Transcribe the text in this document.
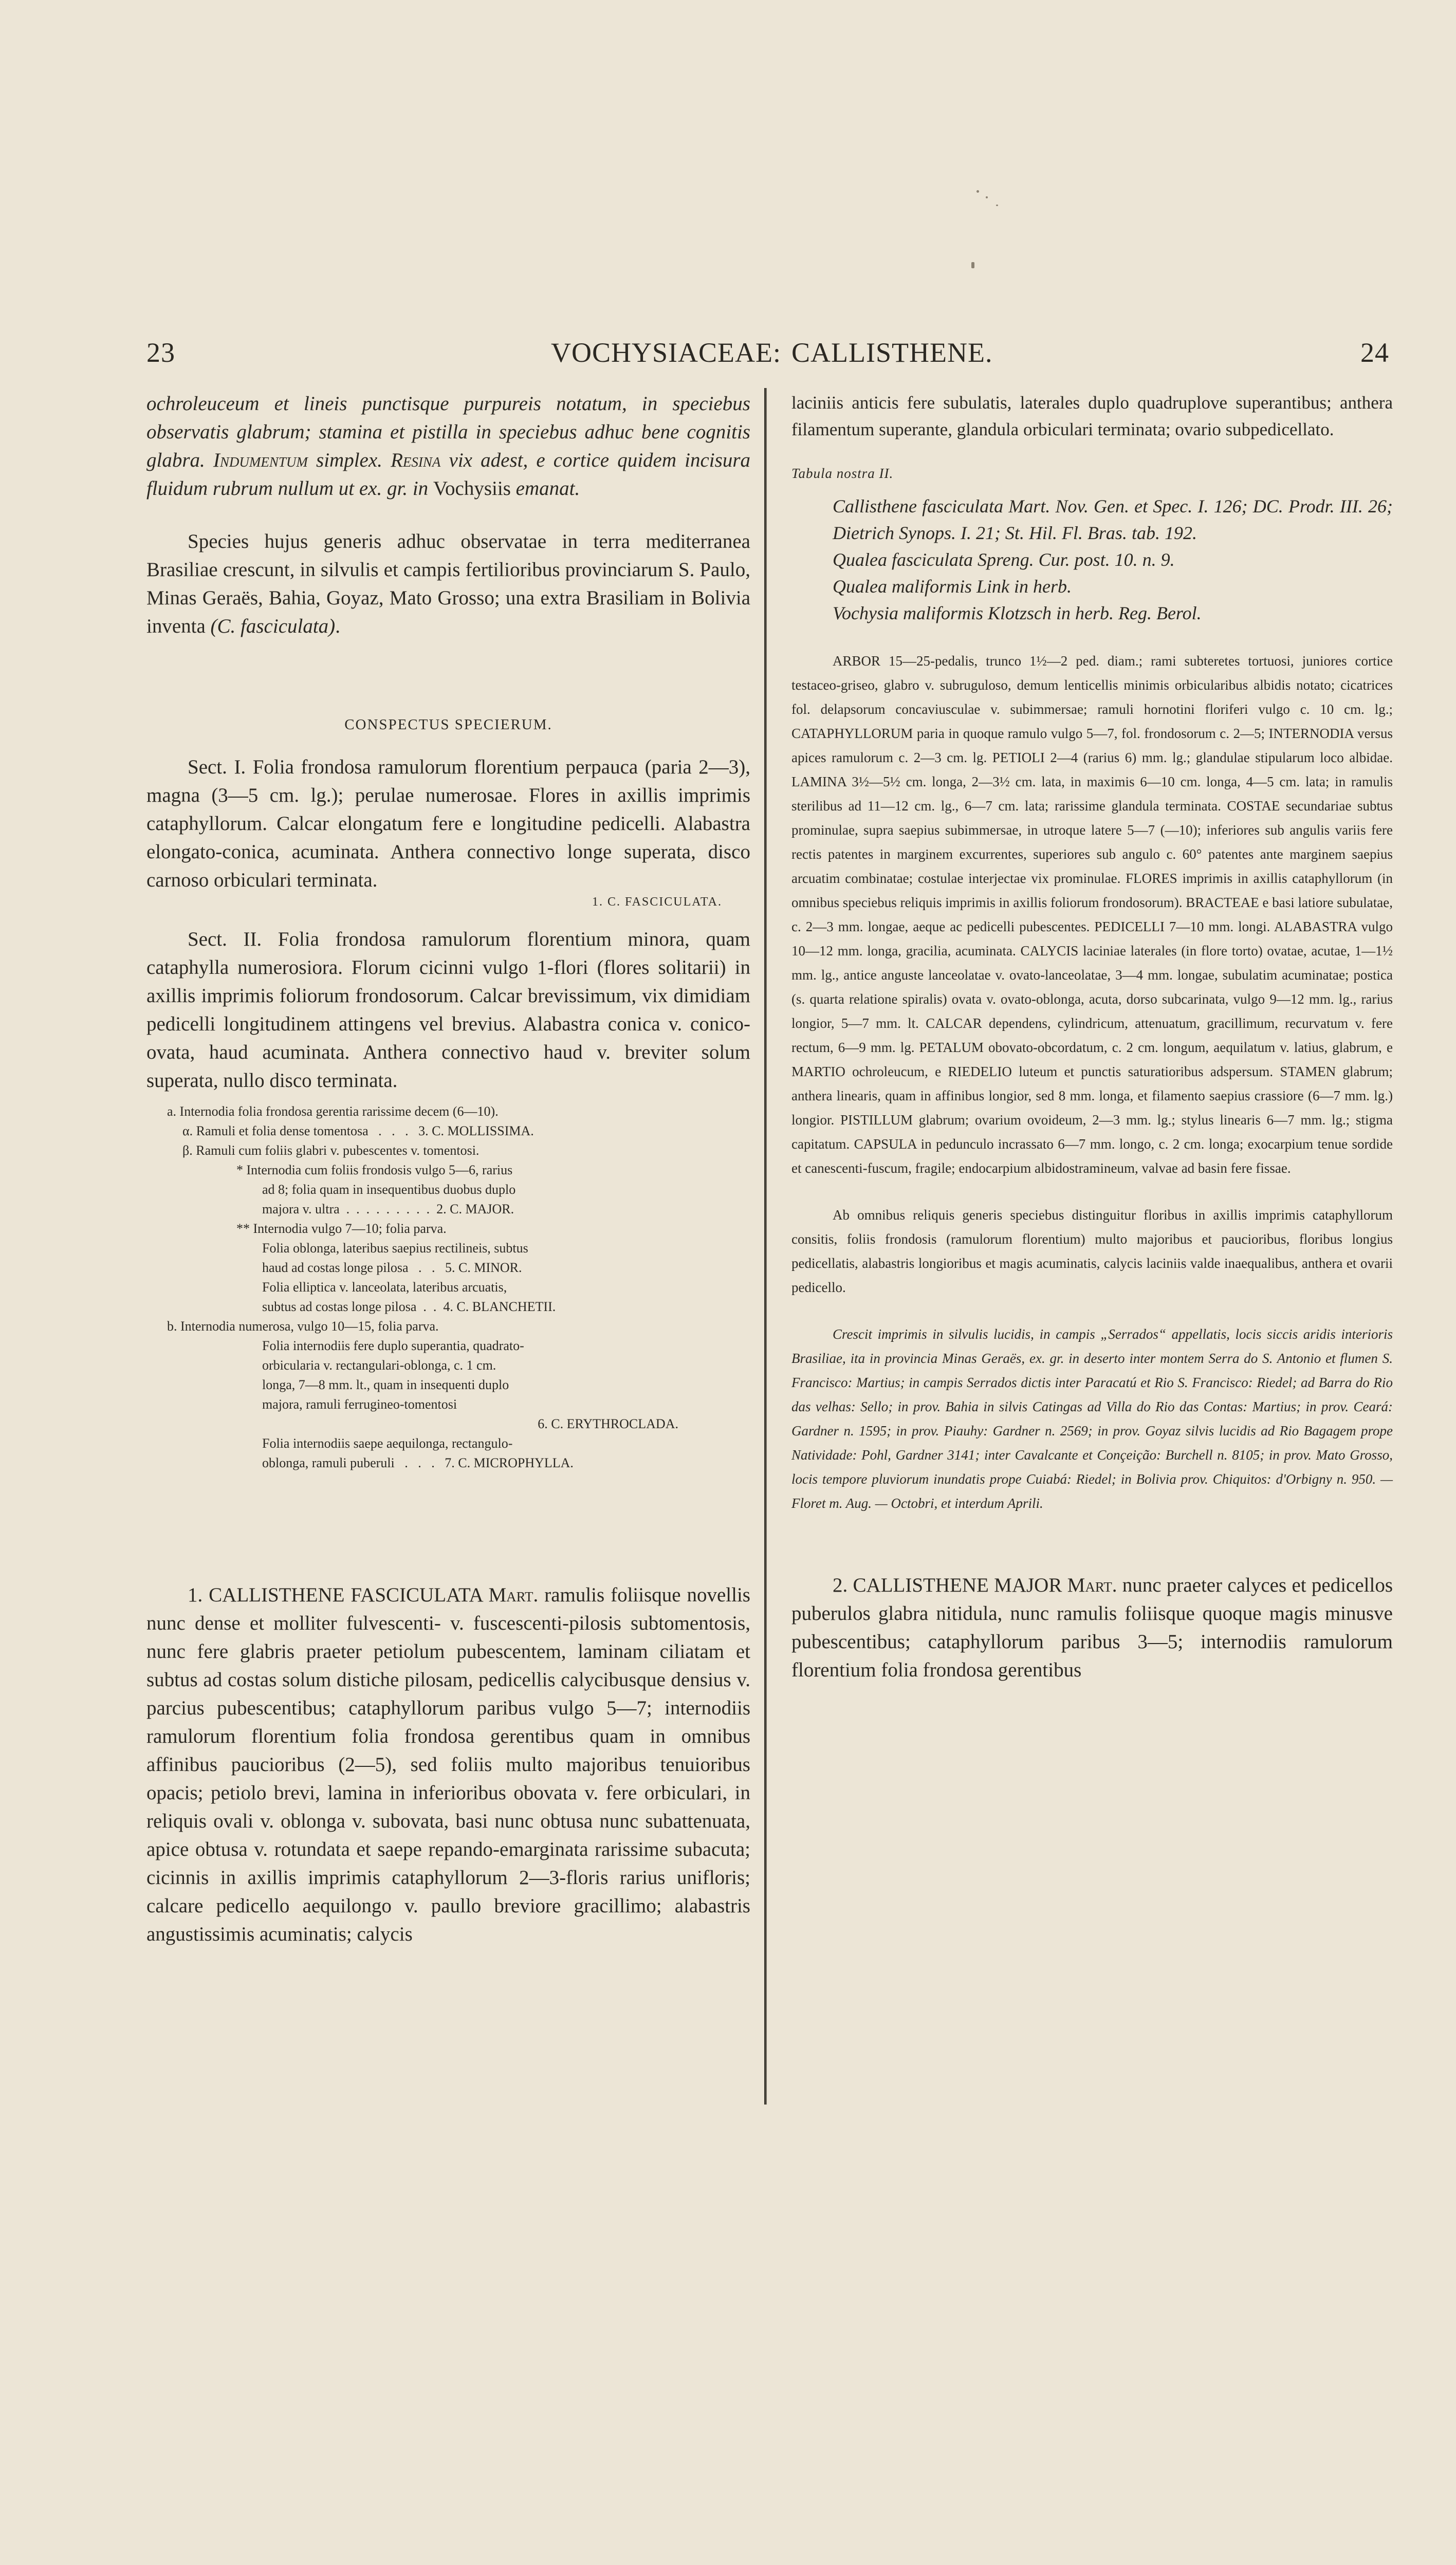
23	VOCHYSIACEAE: CALLISTHENE.	24

ochroleuceum et lineis punctisque purpureis notatum, in speciebus observatis glabrum; stamina et pistilla in speciebus adhuc bene cognitis glabra. Indumentum simplex. Resina vix adest, e cortice quidem incisura fluidum rubrum nullum ut ex. gr. in Vochysiis emanat.

Species hujus generis adhuc observatae in terra mediterranea Brasiliae crescunt, in silvulis et campis fertilioribus provinciarum S. Paulo, Minas Geraës, Bahia, Goyaz, Mato Grosso; una extra Brasiliam in Bolivia inventa (C. fasciculata).

CONSPECTUS SPECIERUM.

Sect. I. Folia frondosa ramulorum florentium perpauca (paria 2—3), magna (3—5 cm. lg.); perulae numerosae. Flores in axillis imprimis cataphyllorum. Calcar elongatum fere e longitudine pedicelli. Alabastra elongato-conica, acuminata. Anthera connectivo longe superata, disco carnoso orbiculari terminata.

1. C. FASCICULATA.

Sect. II. Folia frondosa ramulorum florentium minora, quam cataphylla numerosiora. Florum cicinni vulgo 1-flori (flores solitarii) in axillis imprimis foliorum frondosorum. Calcar brevissimum, vix dimidiam pedicelli longitudinem attingens vel brevius. Alabastra conica v. conico-ovata, haud acuminata. Anthera connectivo haud v. breviter solum superata, nullo disco terminata.

a. Internodia folia frondosa gerentia rarissime decem (6—10).
α. Ramuli et folia dense tomentosa   .   .   .   3. C. MOLLISSIMA.
β. Ramuli cum foliis glabri v. pubescentes v. tomentosi.
* Internodia cum foliis frondosis vulgo 5—6, rarius
ad 8; folia quam in insequentibus duobus duplo
majora v. ultra  .  .  .  .  .  .  .  .  .  2. C. MAJOR.
** Internodia vulgo 7—10; folia parva.
Folia oblonga, lateribus saepius rectilineis, subtus
haud ad costas longe pilosa   .   .   5. C. MINOR.
Folia elliptica v. lanceolata, lateribus arcuatis,
subtus ad costas longe pilosa  .  .  4. C. BLANCHETII.
b. Internodia numerosa, vulgo 10—15, folia parva.
Folia internodiis fere duplo superantia, quadrato-
orbicularia v. rectangulari-oblonga, c. 1 cm.
longa, 7—8 mm. lt., quam in insequenti duplo
majora, ramuli ferrugineo-tomentosi
6. C. ERYTHROCLADA.
Folia internodiis saepe aequilonga, rectangulo-
oblonga, ramuli puberuli   .   .   .   7. C. MICROPHYLLA.

1. CALLISTHENE FASCICULATA Mart. ramulis foliisque novellis nunc dense et molliter fulvescenti- v. fuscescenti-pilosis subtomentosis, nunc fere glabris praeter petiolum pubescentem, laminam ciliatam et subtus ad costas solum distiche pilosam, pedicellis calycibusque densius v. parcius pubescentibus; cataphyllorum paribus vulgo 5—7; internodiis ramulorum florentium folia frondosa gerentibus quam in omnibus affinibus paucioribus (2—5), sed foliis multo majoribus tenuioribus opacis; petiolo brevi, lamina in inferioribus obovata v. fere orbiculari, in reliquis ovali v. oblonga v. subovata, basi nunc obtusa nunc subattenuata, apice obtusa v. rotundata et saepe repando-emarginata rarissime subacuta; cicinnis in axillis imprimis cataphyllorum 2—3-floris rarius unifloris; calcare pedicello aequilongo v. paullo breviore gracillimo; alabastris angustissimis acuminatis; calycis

laciniis anticis fere subulatis, laterales duplo quadruplove superantibus; anthera filamentum superante, glandula orbiculari terminata; ovario subpedicellato.

Tabula nostra II.

Callisthene fasciculata Mart. Nov. Gen. et Spec. I. 126; DC. Prodr. III. 26; Dietrich Synops. I. 21; St. Hil. Fl. Bras. tab. 192.

Qualea fasciculata Spreng. Cur. post. 10. n. 9.

Qualea maliformis Link in herb.

Vochysia maliformis Klotzsch in herb. Reg. Berol.

ARBOR 15—25-pedalis, trunco 1½—2 ped. diam.; rami subteretes tortuosi, juniores cortice testaceo-griseo, glabro v. subruguloso, demum lenticellis minimis orbicularibus albidis notato; cicatrices fol. delapsorum concaviusculae v. subimmersae; ramuli hornotini floriferi vulgo c. 10 cm. lg.; CATAPHYLLORUM paria in quoque ramulo vulgo 5—7, fol. frondosorum c. 2—5; INTERNODIA versus apices ramulorum c. 2—3 cm. lg. PETIOLI 2—4 (rarius 6) mm. lg.; glandulae stipularum loco albidae. LAMINA 3½—5½ cm. longa, 2—3½ cm. lata, in maximis 6—10 cm. longa, 4—5 cm. lata; in ramulis sterilibus ad 11—12 cm. lg., 6—7 cm. lata; rarissime glandula terminata. COSTAE secundariae subtus prominulae, supra saepius subimmersae, in utroque latere 5—7 (—10); inferiores sub angulis variis fere rectis patentes in marginem excurrentes, superiores sub angulo c. 60° patentes ante marginem saepius arcuatim combinatae; costulae interjectae vix prominulae. FLORES imprimis in axillis cataphyllorum (in omnibus speciebus reliquis imprimis in axillis foliorum frondosorum). BRACTEAE e basi latiore subulatae, c. 2—3 mm. longae, aeque ac pedicelli pubescentes. PEDICELLI 7—10 mm. longi. ALABASTRA vulgo 10—12 mm. longa, gracilia, acuminata. CALYCIS laciniae laterales (in flore torto) ovatae, acutae, 1—1½ mm. lg., antice anguste lanceolatae v. ovato-lanceolatae, 3—4 mm. longae, subulatim acuminatae; postica (s. quarta relatione spiralis) ovata v. ovato-oblonga, acuta, dorso subcarinata, vulgo 9—12 mm. lg., rarius longior, 5—7 mm. lt. CALCAR dependens, cylindricum, attenuatum, gracillimum, recurvatum v. fere rectum, 6—9 mm. lg. PETALUM obovato-obcordatum, c. 2 cm. longum, aequilatum v. latius, glabrum, e MARTIO ochroleucum, e RIEDELIO luteum et punctis saturatioribus adspersum. STAMEN glabrum; anthera linearis, quam in affinibus longior, sed 8 mm. longa, et filamento saepius crassiore (6—7 mm. lg.) longior. PISTILLUM glabrum; ovarium ovoideum, 2—3 mm. lg.; stylus linearis 6—7 mm. lg.; stigma capitatum. CAPSULA in pedunculo incrassato 6—7 mm. longo, c. 2 cm. longa; exocarpium tenue sordide et canescenti-fuscum, fragile; endocarpium albidostramineum, valvae ad basin fere fissae.

Ab omnibus reliquis generis speciebus distinguitur floribus in axillis imprimis cataphyllorum consitis, foliis frondosis (ramulorum florentium) multo majoribus et paucioribus, floribus longius pedicellatis, alabastris longioribus et magis acuminatis, calycis laciniis valde inaequalibus, anthera et ovarii pedicello.

Crescit imprimis in silvulis lucidis, in campis „Serrados“ appellatis, locis siccis aridis interioris Brasiliae, ita in provincia Minas Geraës, ex. gr. in deserto inter montem Serra do S. Antonio et flumen S. Francisco: Martius; in campis Serrados dictis inter Paracatú et Rio S. Francisco: Riedel; ad Barra do Rio das velhas: Sello; in prov. Bahia in silvis Catingas ad Villa do Rio das Contas: Martius; in prov. Ceará: Gardner n. 1595; in prov. Piauhy: Gardner n. 2569; in prov. Goyaz silvis lucidis ad Rio Bagagem prope Natividade: Pohl, Gardner 3141; inter Cavalcante et Conçeição: Burchell n. 8105; in prov. Mato Grosso, locis tempore pluviorum inundatis prope Cuiabá: Riedel; in Bolivia prov. Chiquitos: d'Orbigny n. 950. — Floret m. Aug. — Octobri, et interdum Aprili.

2. CALLISTHENE MAJOR Mart. nunc praeter calyces et pedicellos puberulos glabra nitidula, nunc ramulis foliisque quoque magis minusve pubescentibus; cataphyllorum paribus 3—5; internodiis ramulorum florentium folia frondosa gerentibus
